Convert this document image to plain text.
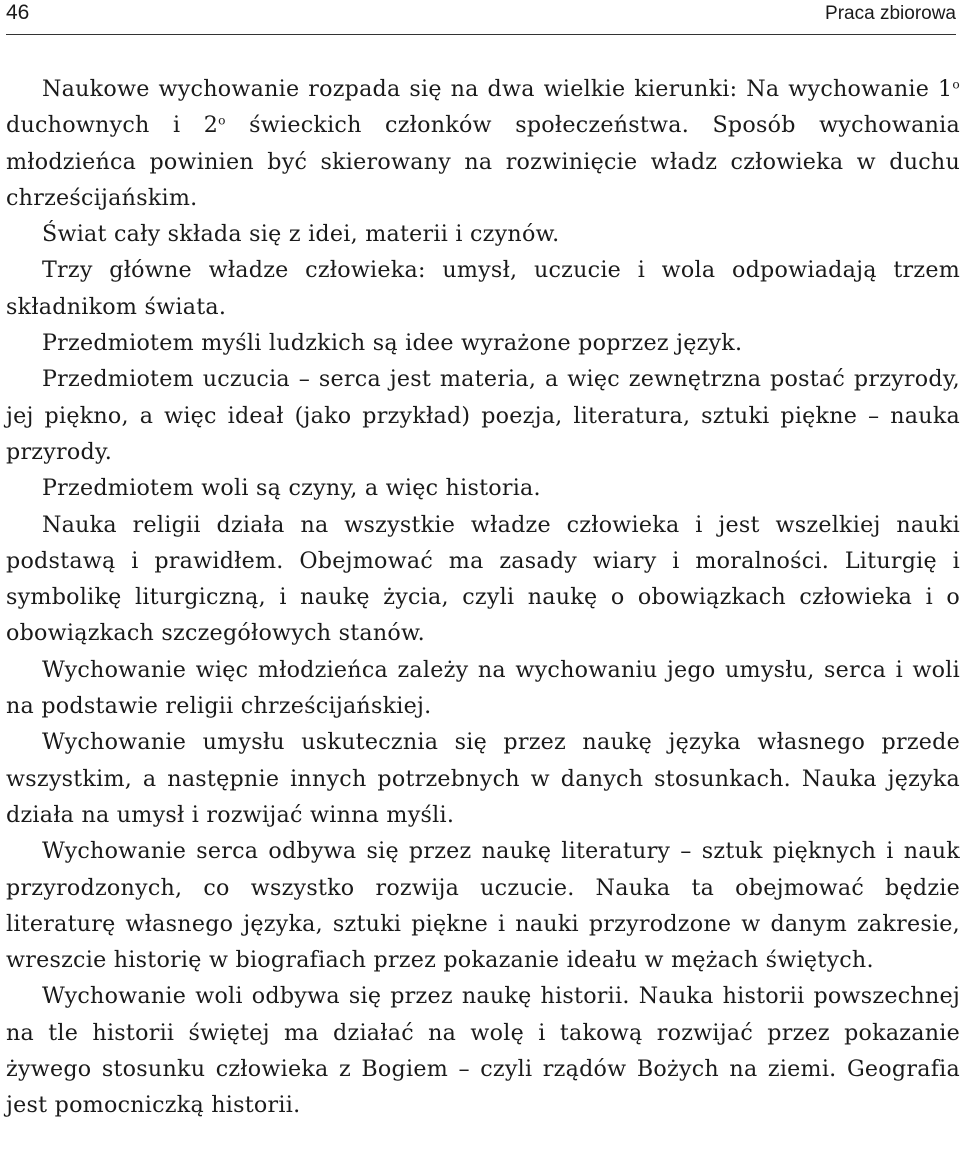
46	Praca zbiorowa

Naukowe wychowanie rozpada się na dwa wielkie kierunki: Na wychowanie 1$^o$ duchownych i 2$^o$ świeckich członków społeczeństwa. Sposób wychowania młodzieńca powinien być skierowany na rozwinięcie władz człowieka w duchu chrześcijańskim.

Świat cały składa się z idei, materii i czynów.

Trzy główne władze człowieka: umysł, uczucie i wola odpowiadają trzem składnikom świata.

Przedmiotem myśli ludzkich są idee wyrażone poprzez język.

Przedmiotem uczucia – serca jest materia, a więc zewnętrzna postać przyrody, jej piękno, a więc ideał (jako przykład) poezja, literatura, sztuki piękne – nauka przyrody.

Przedmiotem woli są czyny, a więc historia.

Nauka religii działa na wszystkie władze człowieka i jest wszelkiej nauki podstawą i prawidłem. Obejmować ma zasady wiary i moralności. Liturgię i symbolikę liturgiczną, i naukę życia, czyli naukę o obowiązkach człowieka i o obowiązkach szczegółowych stanów.

Wychowanie więc młodzieńca zależy na wychowaniu jego umysłu, serca i woli na podstawie religii chrześcijańskiej.

Wychowanie umysłu uskutecznia się przez naukę języka własnego przede wszystkim, a następnie innych potrzebnych w danych stosunkach. Nauka języka działa na umysł i rozwijać winna myśli.

Wychowanie serca odbywa się przez naukę literatury – sztuk pięknych i nauk przyrodzonych, co wszystko rozwija uczucie. Nauka ta obejmować będzie literaturę własnego języka, sztuki piękne i nauki przyrodzone w danym zakresie, wreszcie historię w biografiach przez pokazanie ideału w mężach świętych.

Wychowanie woli odbywa się przez naukę historii. Nauka historii powszechnej na tle historii świętej ma działać na wolę i takową rozwijać przez pokazanie żywego stosunku człowieka z Bogiem – czyli rządów Bożych na ziemi. Geografia jest pomocniczką historii.
